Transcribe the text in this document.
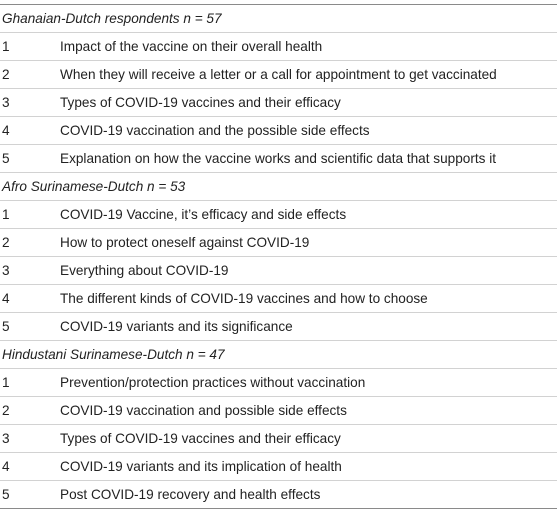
Ghanaian-Dutch respondents n = 57
1	Impact of the vaccine on their overall health
2	When they will receive a letter or a call for appointment to get vaccinated
3	Types of COVID-19 vaccines and their efficacy
4	COVID-19 vaccination and the possible side effects
5	Explanation on how the vaccine works and scientific data that supports it
Afro Surinamese-Dutch n = 53
1	COVID-19 Vaccine, it’s efficacy and side effects
2	How to protect oneself against COVID-19
3	Everything about COVID-19
4	The different kinds of COVID-19 vaccines and how to choose
5	COVID-19 variants and its significance
Hindustani Surinamese-Dutch n = 47
1	Prevention/protection practices without vaccination
2	COVID-19 vaccination and possible side effects
3	Types of COVID-19 vaccines and their efficacy
4	COVID-19 variants and its implication of health
5	Post COVID-19 recovery and health effects
